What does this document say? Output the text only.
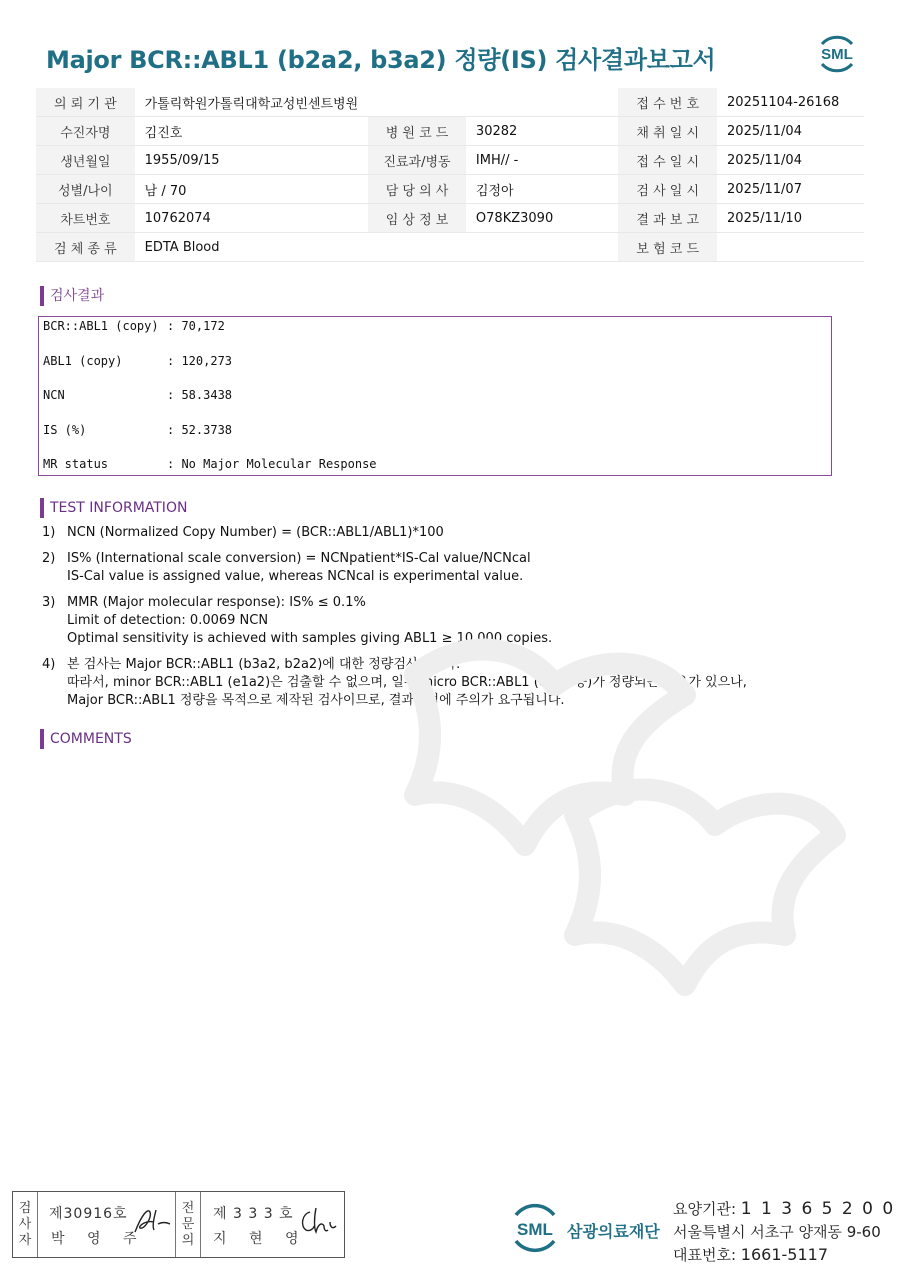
Major BCR::ABL1 (b2a2, b3a2) 정량(IS) 검사결과보고서	SML
의 뢰 기 관	가톨릭학원가톨릭대학교성빈센트병원			접 수 번 호	20251104-26168
수진자명	김진호	병 원 코 드	30282	채 취 일 시	2025/11/04
생년월일	1955/09/15	진료과/병동	IMH// -	접 수 일 시	2025/11/04
성별/나이	남 / 70	담 당 의 사	김정아	검 사 일 시	2025/11/07
차트번호	10762074	임 상 정 보	O78KZ3090	결 과 보 고	2025/11/10
검 체 종 류	EDTA Blood			보 험 코 드	
검사결과
BCR::ABL1 (copy) : 70,172
ABL1 (copy)	: 120,273
NCN	: 58.3438
IS (%)	: 52.3738
MR status	: No Major Molecular Response
TEST INFORMATION
1) NCN (Normalized Copy Number) = (BCR::ABL1/ABL1)*100
2) IS% (International scale conversion) = NCNpatient*IS-Cal value/NCNcal
IS-Cal value is assigned value, whereas NCNcal is experimental value.
3) MMR (Major molecular response): IS% ≤ 0.1%
Limit of detection: 0.0069 NCN
Optimal sensitivity is achieved with samples giving ABL1 ≥ 10,000 copies.
4) 본 검사는 Major BCR::ABL1 (b3a2, b2a2)에 대한 정량검사입니다.
따라서, minor BCR::ABL1 (e1a2)은 검출할 수 없으며, 일부 micro BCR::ABL1 (c3a2 등)가 정량되는 경우가 있으나,
Major BCR::ABL1 정량을 목적으로 제작된 검사이므로, 결과해석에 주의가 요구됩니다.
COMMENTS
검
사
자
제30916호
박 영 주
전
문
의
제 3 3 3 호
지 현 영	SML 삼광의료재단
요양기관: 1 1 3 6 5 2 0 0
서울특별시 서초구 양재동 9-60
대표번호: 1661-5117
